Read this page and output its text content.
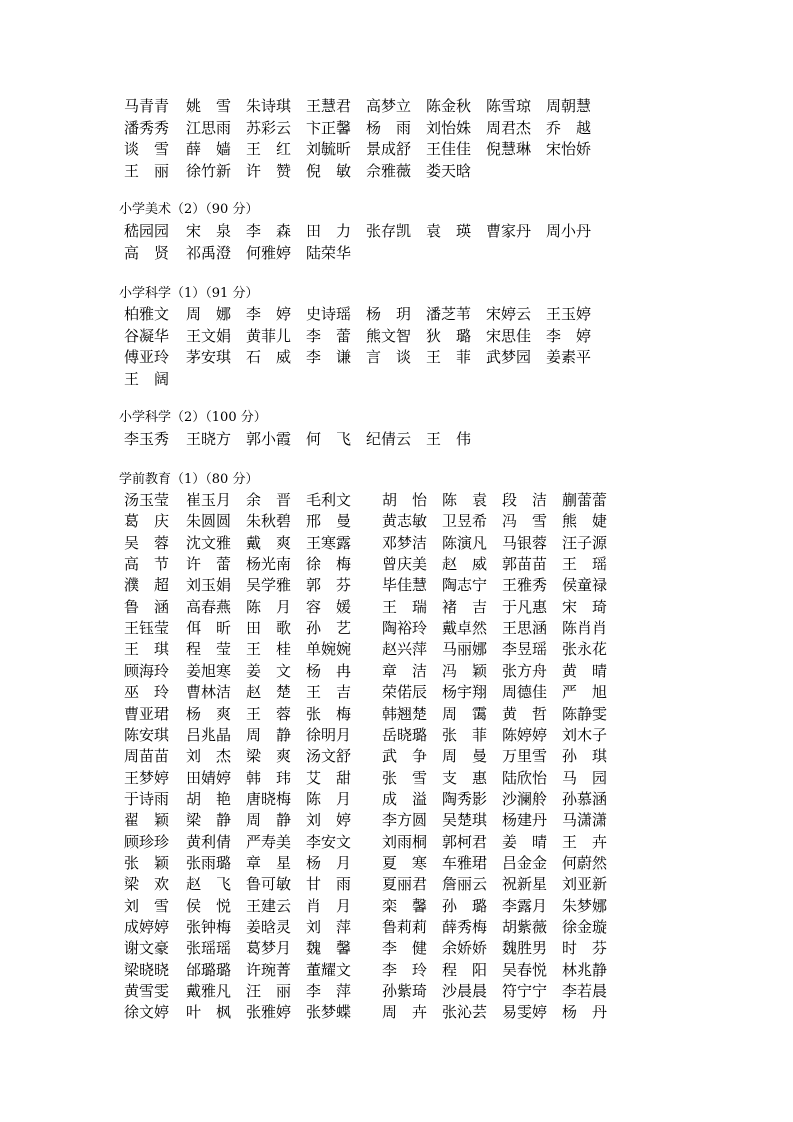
马青青 姚　雪 朱诗琪 王慧君 高梦立 陈金秋 陈雪琼 周朝慧
潘秀秀 江思雨 苏彩云 卞正馨 杨　雨 刘怡姝 周君杰 乔　越
谈　雪 薛　嫱 王　红 刘毓昕 景成舒 王佳佳 倪慧琳 宋怡娇
王　丽 徐竹新 许　赞 倪　敏 佘雅薇 娄天晗
小学美术（2）（90 分）
嵇园园 宋　泉 李　森 田　力 张存凯 袁　瑛 曹家丹 周小丹
高　贤 祁禹澄 何雅婷 陆荣华
小学科学（1）（91 分）
柏雅文 周　娜 李　婷 史诗瑶 杨　玥 潘芝苇 宋婷云 王玉婷
谷凝华 王文娟 黄菲儿 李　蕾 熊文智 狄　璐 宋思佳 李　婷
傅亚玲 茅安琪 石　威 李　谦 言　谈 王　菲 武梦园 姜素平
王　阔
小学科学（2）（100 分）
李玉秀 王晓方 郭小霞 何　飞 纪倩云 王　伟
学前教育（1）（80 分）
汤玉莹 崔玉月 余　晋 毛利文 胡　怡 陈　袁 段　洁 蒯蕾蕾
葛　庆 朱圆圆 朱秋碧 邢　曼 黄志敏 卫昱希 冯　雪 熊　婕
吴　蓉 沈文雅 戴　爽 王寒露 邓梦洁 陈演凡 马银蓉 汪子源
高　节 许　蕾 杨光南 徐　梅 曾庆美 赵　威 郭苗苗 王　瑶
濮　超 刘玉娟 吴学雅 郭　芬 毕佳慧 陶志宁 王雅秀 侯童禄
鲁　涵 高春燕 陈　月 容　媛 王　瑞 褚　吉 于凡惠 宋　琦
王钰莹 佴　昕 田　歌 孙　艺 陶裕玲 戴卓然 王思涵 陈肖肖
王　琪 程　莹 王　桂 单婉婉 赵兴萍 马丽娜 李昱瑶 张永花
顾海玲 姜旭寒 姜　文 杨　冉 章　洁 冯　颖 张方舟 黄　晴
巫　玲 曹林洁 赵　楚 王　吉 荣偌辰 杨宇翔 周德佳 严　旭
曹亚珺 杨　爽 王　蓉 张　梅 韩翘楚 周　霭 黄　哲 陈静雯
陈安琪 吕兆晶 周　静 徐明月 岳晓璐 张　菲 陈婷婷 刘木子
周苗苗 刘　杰 梁　爽 汤文舒 武　争 周　曼 万里雪 孙　琪
王梦婷 田婧婷 韩　玮 艾　甜 张　雪 支　惠 陆欣怡 马　园
于诗雨 胡　艳 唐晓梅 陈　月 成　溢 陶秀影 沙澜舲 孙慕涵
翟　颖 梁　静 周　静 刘　婷 李方圆 吴楚琪 杨建丹 马潇潇
顾珍珍 黄利倩 严寿美 李安文 刘雨桐 郭柯君 姜　晴 王　卉
张　颖 张雨璐 章　星 杨　月 夏　寒 车雅珺 吕金金 何蔚然
梁　欢 赵　飞 鲁可敏 甘　雨 夏丽君 詹丽云 祝新星 刘亚新
刘　雪 侯　悦 王建云 肖　月 栾　馨 孙　璐 李露月 朱梦娜
成婷婷 张钟梅 姜晗灵 刘　萍 鲁莉莉 薛秀梅 胡紫薇 徐金璇
谢文豪 张瑶瑶 葛梦月 魏　馨 李　健 余娇娇 魏胜男 时　芬
梁晓晓 邰璐璐 许琬菁 董耀文 李　玲 程　阳 吴春悦 林兆静
黄雪雯 戴雅凡 汪　丽 李　萍 孙紫琦 沙晨晨 符宁宁 李若晨
徐文婷 叶　枫 张雅婷 张梦蝶 周　卉 张沁芸 易雯婷 杨　丹
